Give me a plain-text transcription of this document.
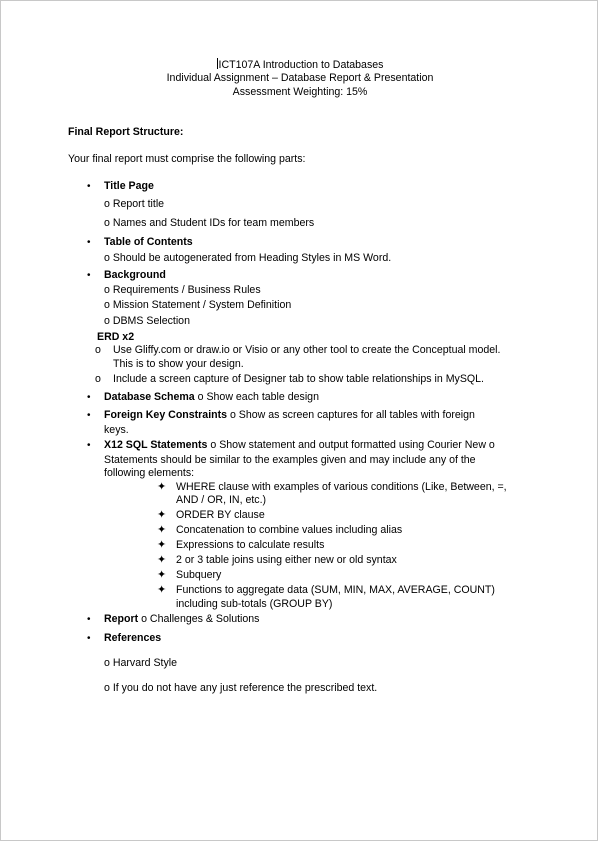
ICT107A Introduction to Databases
Individual Assignment – Database Report & Presentation
Assessment Weighting: 15%
Final Report Structure:
Your final report must comprise the following parts:
• Title Page
o Report title
o Names and Student IDs for team members
• Table of Contents
o Should be autogenerated from Heading Styles in MS Word.
• Background
o Requirements / Business Rules
o Mission Statement / System Definition
o DBMS Selection
ERD x2
o Use Gliffy.com or draw.io or Visio or any other tool to create the Conceptual model.
This is to show your design.
o Include a screen capture of Designer tab to show table relationships in MySQL.
• Database Schema o Show each table design
• Foreign Key Constraints o Show as screen captures for all tables with foreign
keys.
• X12 SQL Statements o Show statement and output formatted using Courier New o
Statements should be similar to the examples given and may include any of the
following elements:
✦ WHERE clause with examples of various conditions (Like, Between, =,
AND / OR, IN, etc.)
✦ ORDER BY clause
✦ Concatenation to combine values including alias
✦ Expressions to calculate results
✦ 2 or 3 table joins using either new or old syntax
✦ Subquery
✦ Functions to aggregate data (SUM, MIN, MAX, AVERAGE, COUNT)
including sub-totals (GROUP BY)
• Report o Challenges & Solutions
• References
o Harvard Style
o If you do not have any just reference the prescribed text.
